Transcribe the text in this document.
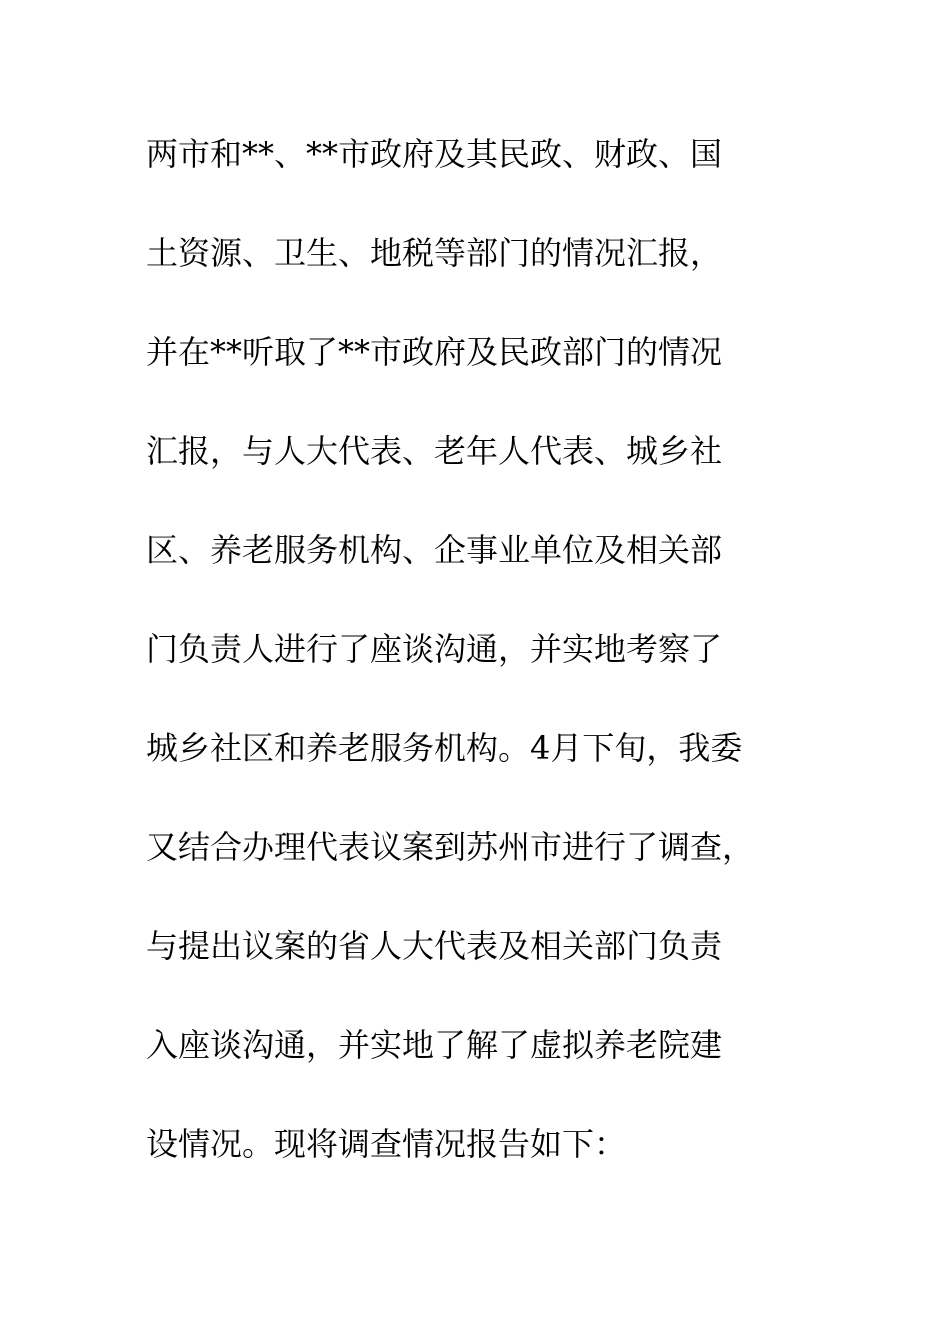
两市和**、**市政府及其民政、财政、国
土资源、卫生、地税等部门的情况汇报，
并在**听取了**市政府及民政部门的情况
汇报，与人大代表、老年人代表、城乡社
区、养老服务机构、企事业单位及相关部
门负责人进行了座谈沟通，并实地考察了
城乡社区和养老服务机构。4月下旬，我委
又结合办理代表议案到苏州市进行了调查，
与提出议案的省人大代表及相关部门负责
入座谈沟通，并实地了解了虚拟养老院建
设情况。现将调查情况报告如下：
